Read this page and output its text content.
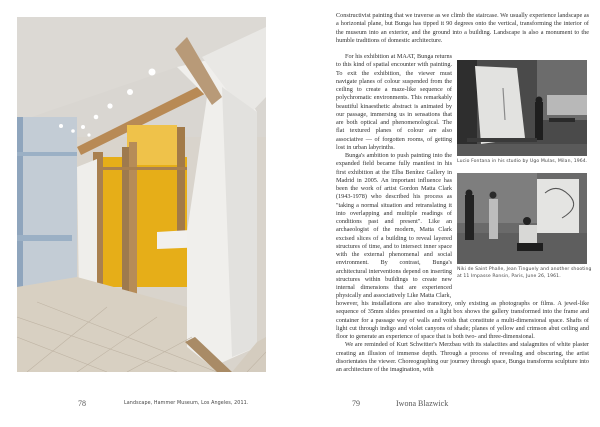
78	Landscape, Hammer Museum, Los Angeles, 2011.

Constructivist painting that we traverse as we climb the staircase. We usually experience landscape as a horizontal plane, but Bunga has tipped it 90 degrees onto the vertical, transforming the interior of the museum into an exterior, and the ground into a building. Landscape is also a monument to the humble traditions of domestic architecture.

For his exhibition at MAAT, Bunga returns to this kind of spatial encounter with painting. To exit the exhibition, the viewer must navigate planes of colour suspended from the ceiling to create a maze-like sequence of polychromatic environments. This remarkably beautiful kinaesthetic abstract is animated by our passage, immersing us in sensations that are both optical and phenomenological. The flat textured planes of colour are also associative — of forgotten rooms, of getting lost in urban labyrinths.

Bunga's ambition to push painting into the expanded field became fully manifest in his first exhibition at the Elba Benítez Gallery in Madrid in 2005. An important influence has been the work of artist Gordon Matta Clark (1943-1978) who described his process as "taking a normal situation and retranslating it into overlapping and multiple readings of conditions past and present". Like an archaeologist of the modern, Matta Clark excised slices of a building to reveal layered structures of time, and to intersect inner space with the external phenomenal and social environment. By contrast, Bunga's architectural interventions depend on inserting structures within buildings to create new internal dimensions that are experienced physically and associatively Like Matta Clark,

Lucio Fontana in his studio by Ugo Mulas, Milan, 1964.
Niki de Saint Phalle, Jean Tinguely and another shooting at 11 Impasse Ronsin, Paris, June 26, 1961.

however, his installations are also transitory, only existing as photographs or films. A jewel-like sequence of 35mm slides presented on a light box shows the gallery transformed into the frame and container for a passage way of walls and voids that constitute a multi-dimensional space. Shafts of light cut through indigo and violet canyons of shade; planes of yellow and crimson abut ceiling and floor to generate an experience of space that is both two- and three-dimensional.

We are reminded of Kurt Schwitter's Merzbau with its stalactites and stalagmites of white plaster creating an illusion of immense depth. Through a process of revealing and obscuring, the artist disorientates the viewer. Choreographing our journey through space, Bunga transforms sculpture into an architecture of the imagination, with

79	Iwona Blazwick
